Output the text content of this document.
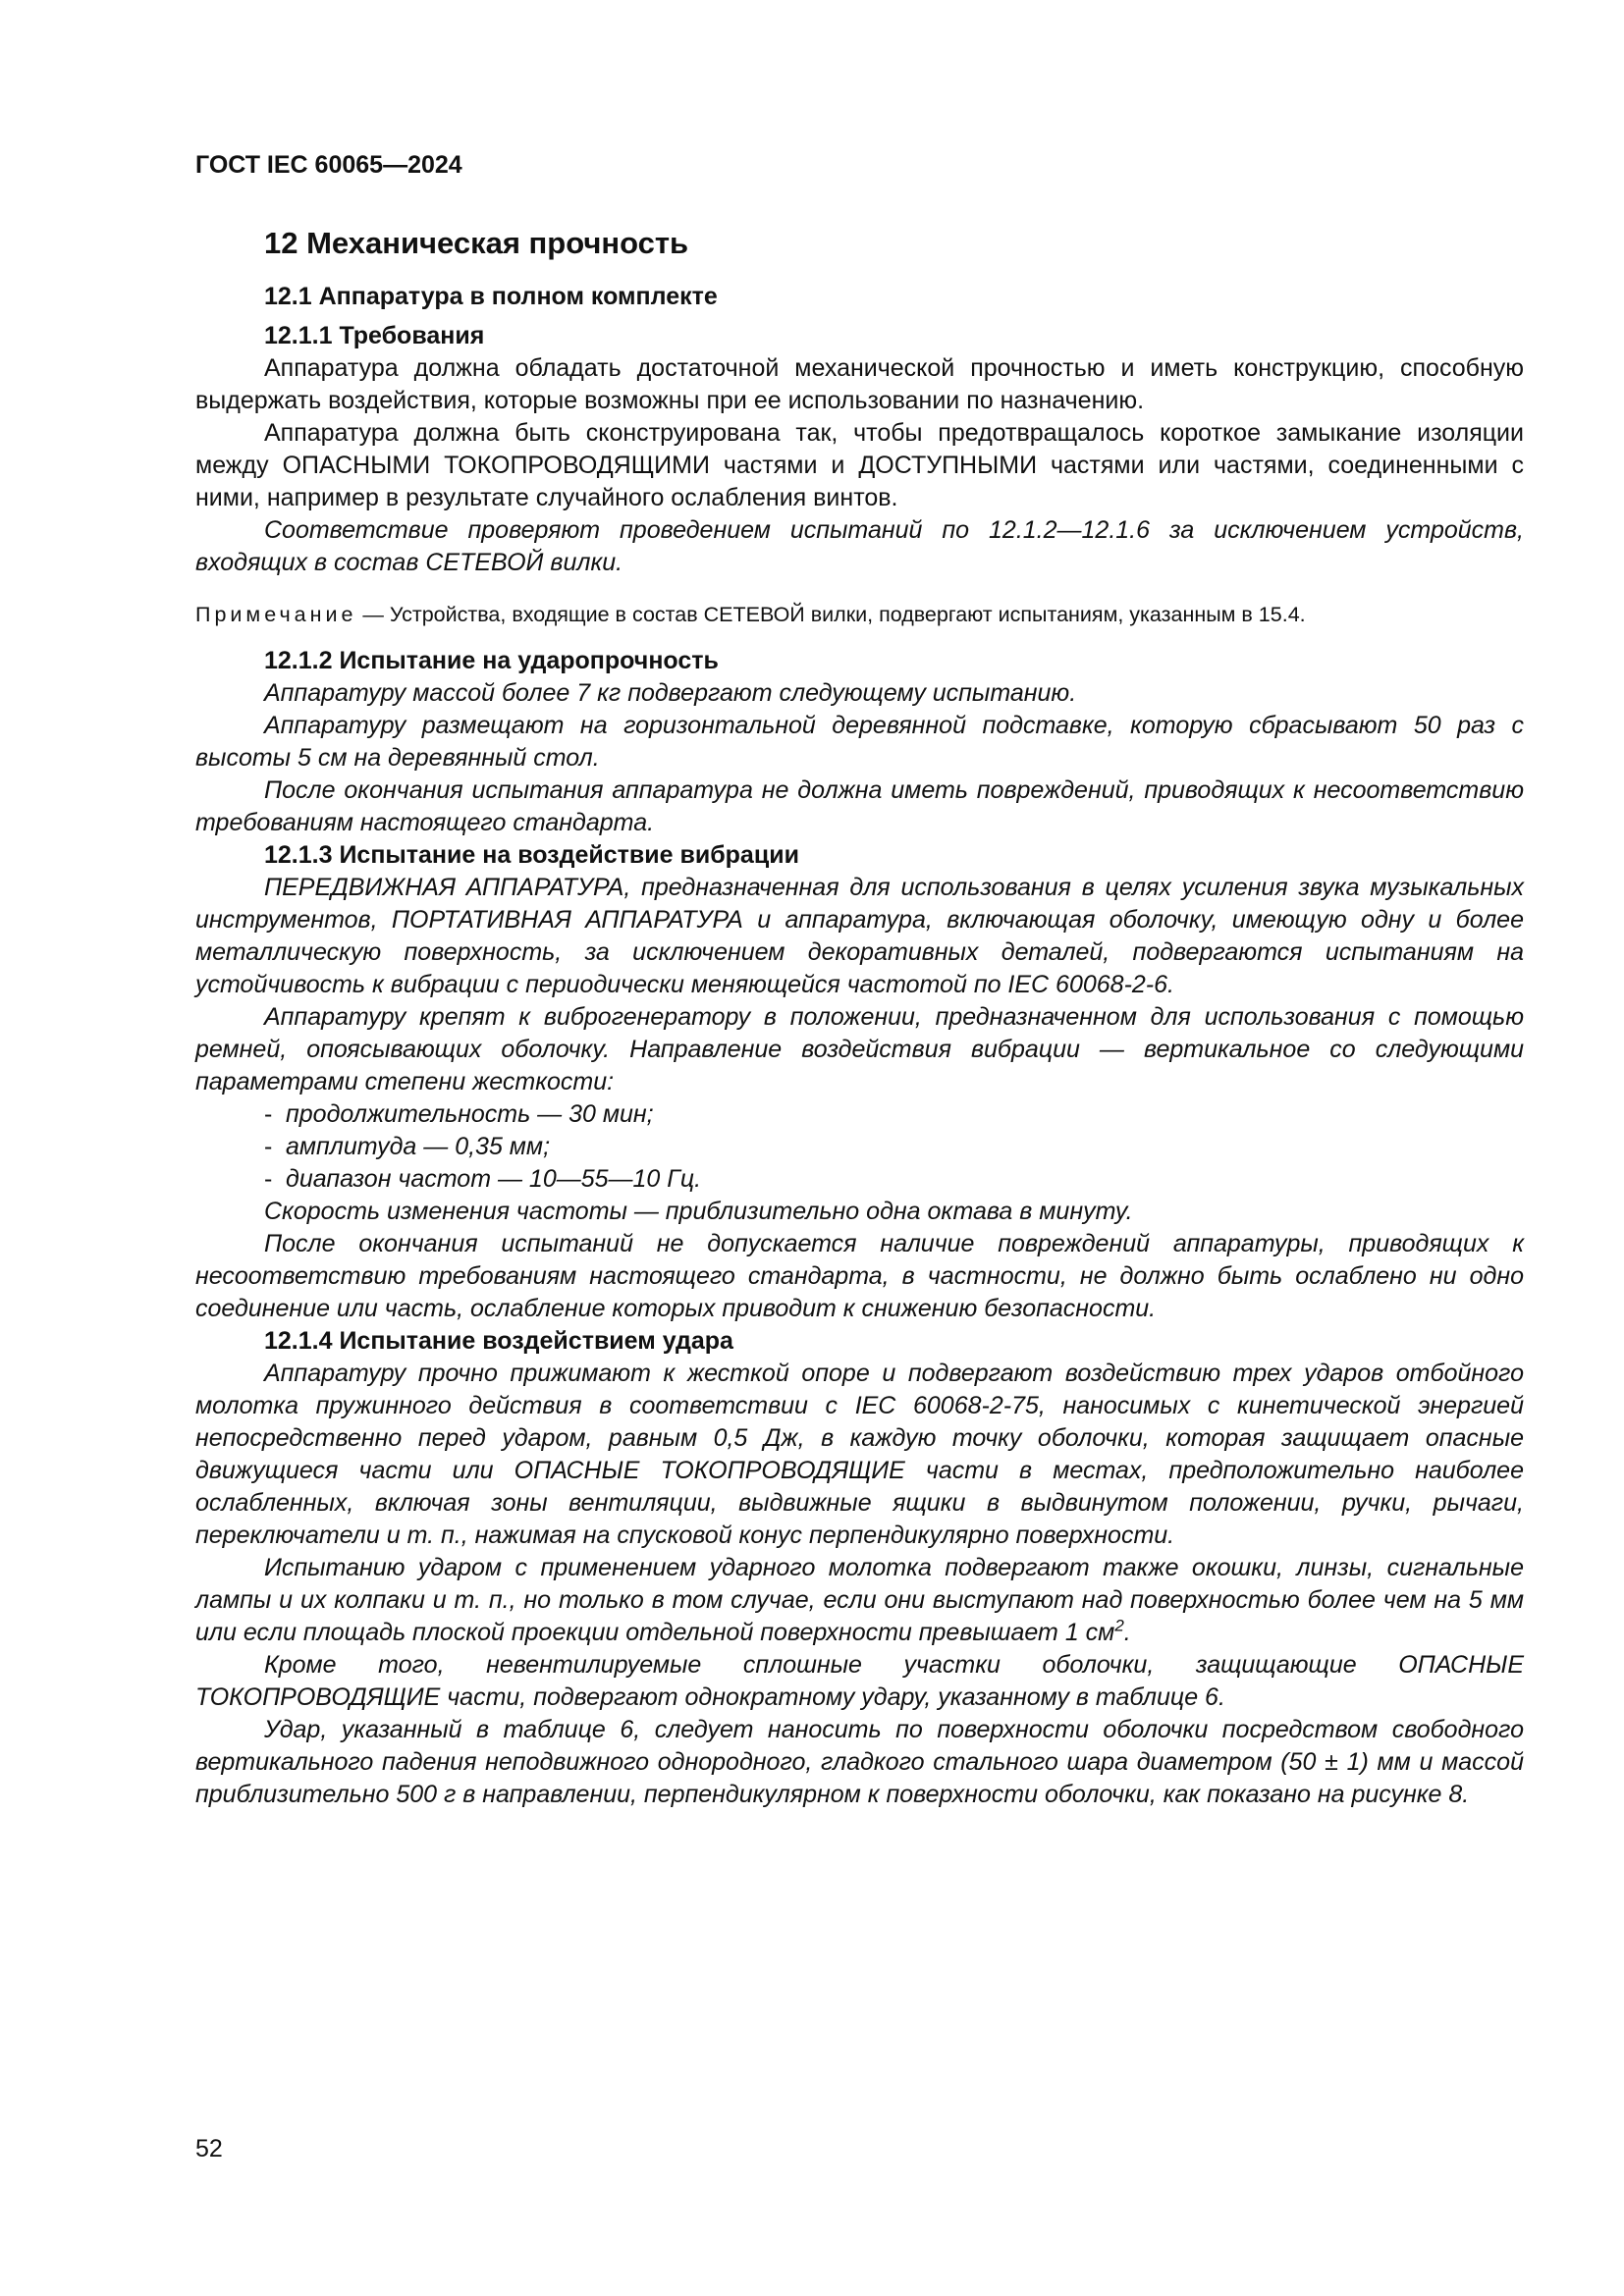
ГОСТ IEC 60065—2024
12 Механическая прочность
12.1 Аппаратура в полном комплекте
12.1.1 Требования

Аппаратура должна обладать достаточной механической прочностью и иметь конструкцию, способную выдержать воздействия, которые возможны при ее использовании по назначению.

Аппаратура должна быть сконструирована так, чтобы предотвращалось короткое замыкание изоляции между ОПАСНЫМИ ТОКОПРОВОДЯЩИМИ частями и ДОСТУПНЫМИ частями или частями, соединенными с ними, например в результате случайного ослабления винтов.

Соответствие проверяют проведением испытаний по 12.1.2—12.1.6 за исключением устройств, входящих в состав СЕТЕВОЙ вилки.

Примечание — Устройства, входящие в состав СЕТЕВОЙ вилки, подвергают испытаниям, указанным в 15.4.

12.1.2 Испытание на ударопрочность

Аппаратуру массой более 7 кг подвергают следующему испытанию.

Аппаратуру размещают на горизонтальной деревянной подставке, которую сбрасывают 50 раз с высоты 5 см на деревянный стол.

После окончания испытания аппаратура не должна иметь повреждений, приводящих к несоответствию требованиям настоящего стандарта.

12.1.3 Испытание на воздействие вибрации

ПЕРЕДВИЖНАЯ АППАРАТУРА, предназначенная для использования в целях усиления звука музыкальных инструментов, ПОРТАТИВНАЯ АППАРАТУРА и аппаратура, включающая оболочку, имеющую одну и более металлическую поверхность, за исключением декоративных деталей, подвергаются испытаниям на устойчивость к вибрации с периодически меняющейся частотой по IEC 60068-2-6.

Аппаратуру крепят к виброгенератору в положении, предназначенном для использования с помощью ремней, опоясывающих оболочку. Направление воздействия вибрации — вертикальное со следующими параметрами степени жесткости:

- продолжительность — 30 мин;
- амплитуда — 0,35 мм;
- диапазон частот — 10—55—10 Гц.

Скорость изменения частоты — приблизительно одна октава в минуту.

После окончания испытаний не допускается наличие повреждений аппаратуры, приводящих к несоответствию требованиям настоящего стандарта, в частности, не должно быть ослаблено ни одно соединение или часть, ослабление которых приводит к снижению безопасности.

12.1.4 Испытание воздействием удара

Аппаратуру прочно прижимают к жесткой опоре и подвергают воздействию трех ударов отбойного молотка пружинного действия в соответствии с IEC 60068-2-75, наносимых с кинетической энергией непосредственно перед ударом, равным 0,5 Дж, в каждую точку оболочки, которая защищает опасные движущиеся части или ОПАСНЫЕ ТОКОПРОВОДЯЩИЕ части в местах, предположительно наиболее ослабленных, включая зоны вентиляции, выдвижные ящики в выдвинутом положении, ручки, рычаги, переключатели и т. п., нажимая на спусковой конус перпендикулярно поверхности.

Испытанию ударом с применением ударного молотка подвергают также окошки, линзы, сигнальные лампы и их колпаки и т. п., но только в том случае, если они выступают над поверхностью более чем на 5 мм или если площадь плоской проекции отдельной поверхности превышает 1 $см^2$.

Кроме того, невентилируемые сплошные участки оболочки, защищающие ОПАСНЫЕ ТОКОПРОВОДЯЩИЕ части, подвергают однократному удару, указанному в таблице 6.

Удар, указанный в таблице 6, следует наносить по поверхности оболочки посредством свободного вертикального падения неподвижного однородного, гладкого стального шара диаметром (50 ± 1) мм и массой приблизительно 500 г в направлении, перпендикулярном к поверхности оболочки, как показано на рисунке 8.

52
